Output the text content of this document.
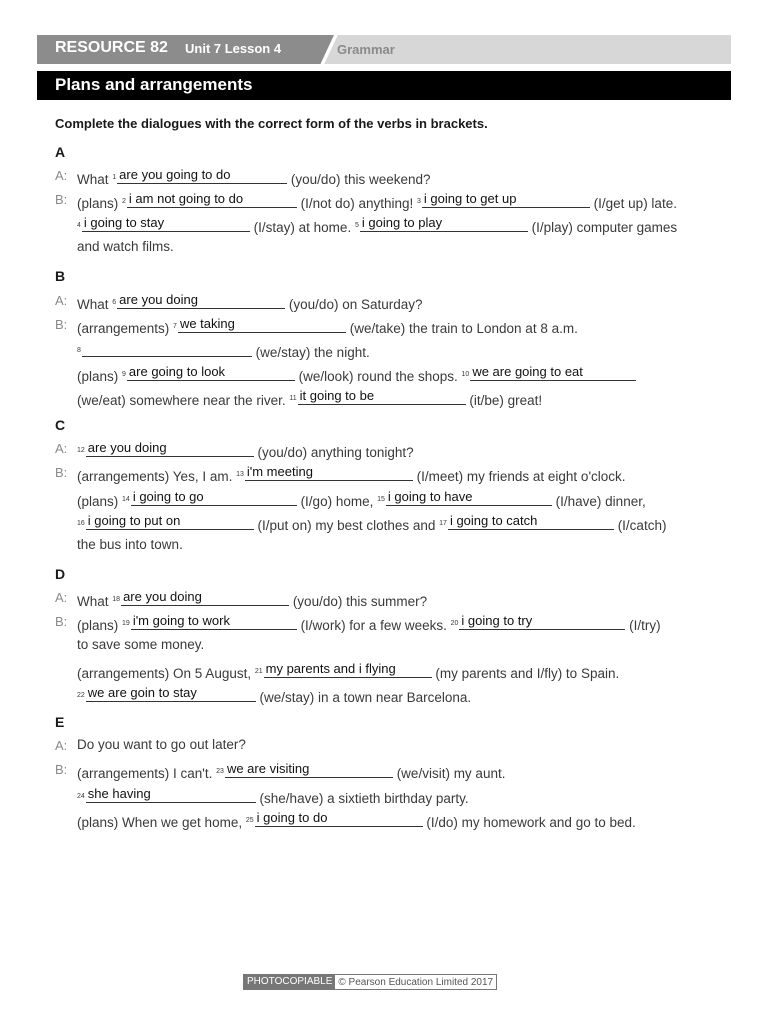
RESOURCE 82 Unit 7 Lesson 4	Grammar
Plans and arrangements
Complete the dialogues with the correct form of the verbs in brackets.
A
A: What $^1$ are you going to do	(you/do) this weekend?
B: (plans) $^2$ i am not going to do	(I/not do) anything! $^3$ i going to get up	(I/get up) late.
$^4$ i going to stay	(I/stay) at home. $^5$ i going to play	(I/play) computer games
and watch films.
B
A: What $^6$ are you doing	(you/do) on Saturday?
B: (arrangements) $^7$ we taking	(we/take) the train to London at 8 a.m.
$^8$	(we/stay) the night.
(plans) $^9$ are going to look	(we/look) round the shops. $^{10}$ we are going to eat
(we/eat) somewhere near the river. $^{11}$ it going to be	(it/be) great!
C
A: $^{12}$ are you doing	(you/do) anything tonight?
B: (arrangements) Yes, I am. $^{13}$ i'm meeting	(I/meet) my friends at eight o'clock.
(plans) $^{14}$ i going to go	(I/go) home, $^{15}$ i going to have	(I/have) dinner,
$^{16}$ i going to put on	(I/put on) my best clothes and $^{17}$ i going to catch	(I/catch)
the bus into town.
D
A: What $^{18}$ are you doing	(you/do) this summer?
B: (plans) $^{19}$ i'm going to work	(I/work) for a few weeks. $^{20}$ i going to try	(I/try)
to save some money.
(arrangements) On 5 August, $^{21}$ my parents and i flying	(my parents and I/fly) to Spain.
$^{22}$ we are goin to stay	(we/stay) in a town near Barcelona.
E
A: Do you want to go out later?
B: (arrangements) I can't. $^{23}$ we are visiting	(we/visit) my aunt.
$^{24}$ she having	(she/have) a sixtieth birthday party.
(plans) When we get home, $^{25}$ i going to do	(I/do) my homework and go to bed.
PHOTOCOPIABLE © Pearson Education Limited 2017
